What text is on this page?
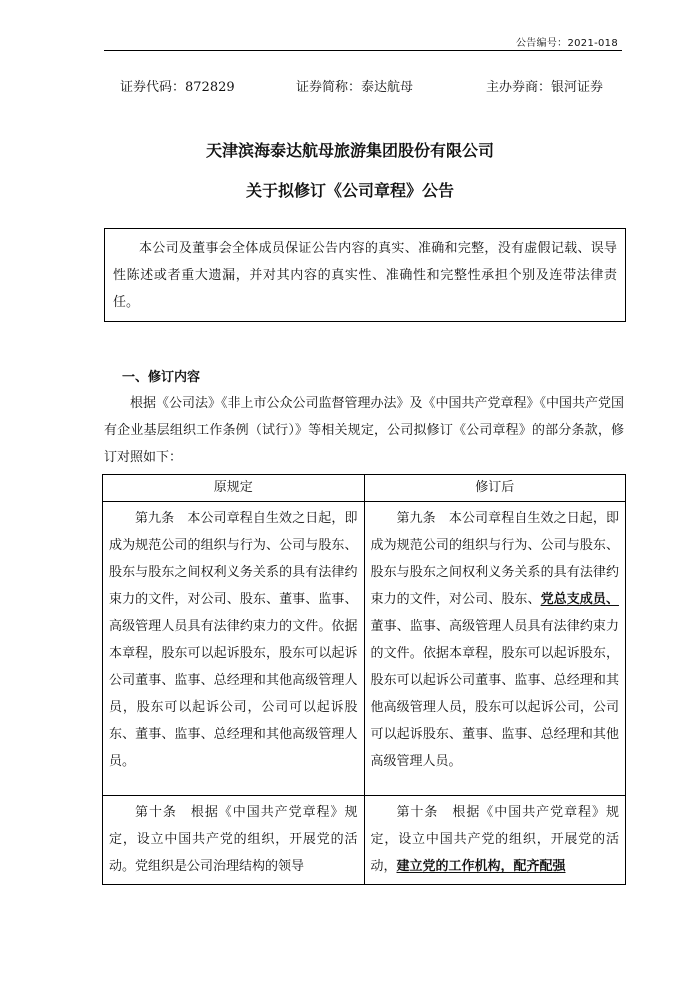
公告编号：2021-018
证券代码：872829	证券简称：泰达航母	主办券商：银河证券
天津滨海泰达航母旅游集团股份有限公司
关于拟修订《公司章程》公告
本公司及董事会全体成员保证公告内容的真实、准确和完整，没有虚假记载、误导性陈述或者重大遗漏，并对其内容的真实性、准确性和完整性承担个别及连带法律责任。
一、修订内容
根据《公司法》《非上市公众公司监督管理办法》及《中国共产党章程》《中国共产党国有企业基层组织工作条例（试行）》等相关规定，公司拟修订《公司章程》的部分条款，修订对照如下：
原规定	修订后
第九条　本公司章程自生效之日起，即成为规范公司的组织与行为、公司与股东、股东与股东之间权利义务关系的具有法律约束力的文件，对公司、股东、董事、监事、高级管理人员具有法律约束力的文件。依据本章程，股东可以起诉股东，股东可以起诉公司董事、监事、总经理和其他高级管理人员，股东可以起诉公司，公司可以起诉股东、董事、监事、总经理和其他高级管理人员。	第九条　本公司章程自生效之日起，即成为规范公司的组织与行为、公司与股东、股东与股东之间权利义务关系的具有法律约束力的文件，对公司、股东、党总支成员、董事、监事、高级管理人员具有法律约束力的文件。依据本章程，股东可以起诉股东，股东可以起诉公司董事、监事、总经理和其他高级管理人员，股东可以起诉公司，公司可以起诉股东、董事、监事、总经理和其他高级管理人员。

第十条　根据《中国共产党章程》规定，设立中国共产党的组织，开展党的活动。党组织是公司治理结构的领导	第十条　根据《中国共产党章程》规定，设立中国共产党的组织，开展党的活动，建立党的工作机构，配齐配强
